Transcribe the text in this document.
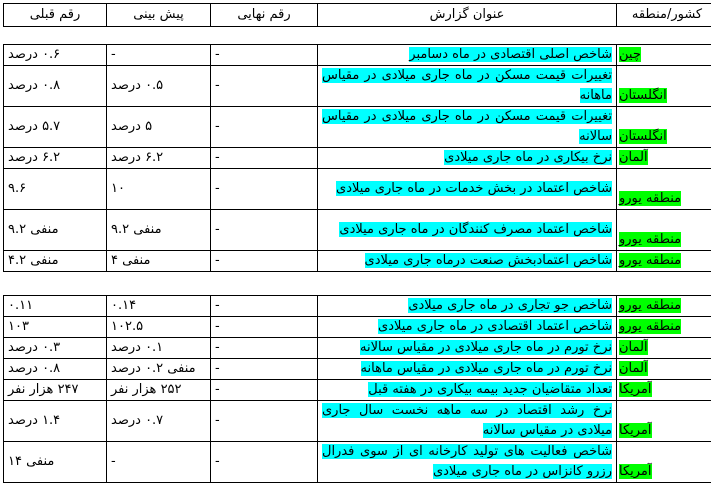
کشور/منطقه	عنوان گزارش	رقم نهایی	پیش بینی	رقم قبلی
چین	شاخص اصلی اقتصادی در ماه دسامبر	-	-	۰.۶ درصد
انگلستان	تغییرات قیمت مسکن در ماه جاری میلادی در مقیاس ماهانه	-	۰.۵ درصد	۰.۸ درصد
انگلستان	تغییرات قیمت مسکن در ماه جاری میلادی در مقیاس سالانه	-	۵ درصد	۵.۷ درصد
آلمان	نرخ بیکاری در ماه جاری میلادی	-	۶.۲ درصد	۶.۲ درصد
منطقه یورو	شاخص اعتماد در بخش خدمات در ماه جاری میلادی	-	۱۰	۹.۶
منطقه یورو	شاخص اعتماد مصرف کنندگان در ماه جاری میلادی	-	منفی ۹.۲	منفی ۹.۲
منطقه یورو	شاخص اعتمادبخش صنعت درماه جاری میلادی	-	منفی ۴	منفی ۴.۲
منطقه یورو	شاخص جو تجاری در ماه جاری میلادی	-	۰.۱۴	۰.۱۱
منطقه یورو	شاخص اعتماد اقتصادی در ماه جاری میلادی	-	۱۰۲.۵	۱۰۳
آلمان	نرخ تورم در ماه جاری میلادی در مقیاس سالانه	-	۰.۱ درصد	۰.۳ درصد
آلمان	نرخ تورم در ماه جاری میلادی در مقیاس ماهانه	-	منفی ۰.۲ درصد	۰.۸ درصد
آمریکا	تعداد متقاضیان جدید بیمه بیکاری در هفته قبل	-	۲۵۲ هزار نفر	۲۴۷ هزار نفر
آمریکا	نرخ رشد اقتصاد در سه ماهه نخست سال جاری میلادی در مقیاس سالانه	-	۰.۷ درصد	۱.۴ درصد
آمریکا	شاخص فعالیت های تولید کارخانه ای از سوی فدرال رزرو کانزاس در ماه جاری میلادی	-	-	منفی ۱۴
